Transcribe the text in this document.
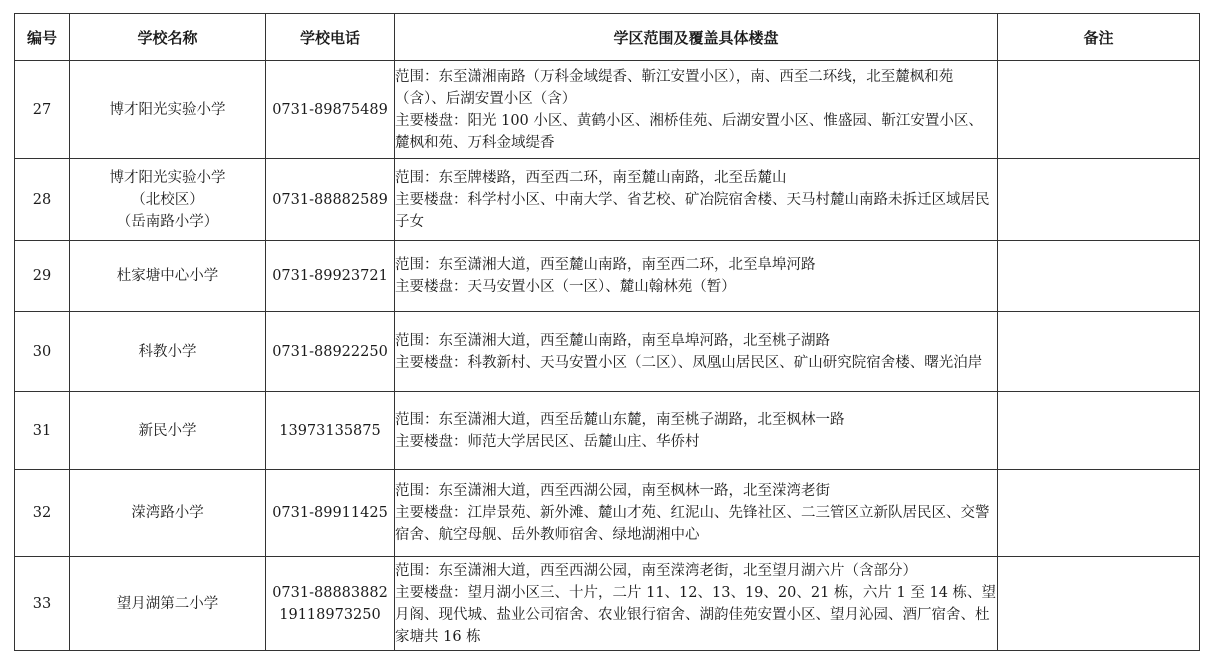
编号	学校名称	学校电话	学区范围及覆盖具体楼盘	备注
27	博才阳光实验小学	0731-89875489	范围：东至潇湘南路（万科金域缇香、靳江安置小区），南、西至二环线，北至麓枫和苑（含）、后湖安置小区（含）
主要楼盘：阳光 100 小区、黄鹤小区、湘桥佳苑、后湖安置小区、惟盛园、靳江安置小区、麓枫和苑、万科金域缇香	

28	博才阳光实验小学
（北校区）
（岳南路小学）	0731-88882589	范围：东至牌楼路，西至西二环，南至麓山南路，北至岳麓山
主要楼盘：科学村小区、中南大学、省艺校、矿冶院宿舍楼、天马村麓山南路未拆迁区域居民子女	

29	杜家塘中心小学	0731-89923721	范围：东至潇湘大道，西至麓山南路，南至西二环，北至阜埠河路
主要楼盘：天马安置小区（一区）、麓山翰林苑（暂）	

30	科教小学	0731-88922250	范围：东至潇湘大道，西至麓山南路，南至阜埠河路，北至桃子湖路
主要楼盘：科教新村、天马安置小区（二区）、凤凰山居民区、矿山研究院宿舍楼、曙光泊岸	

31	新民小学	13973135875	范围：东至潇湘大道，西至岳麓山东麓，南至桃子湖路，北至枫林一路
主要楼盘：师范大学居民区、岳麓山庄、华侨村	

32	溁湾路小学	0731-89911425	范围：东至潇湘大道，西至西湖公园，南至枫林一路，北至溁湾老街
主要楼盘：江岸景苑、新外滩、麓山才苑、红泥山、先锋社区、二三管区立新队居民区、交警宿舍、航空母舰、岳外教师宿舍、绿地湖湘中心	

33	望月湖第二小学	0731-88883882
19118973250	范围：东至潇湘大道，西至西湖公园，南至溁湾老街，北至望月湖六片（含部分）
主要楼盘：望月湖小区三、十片，二片 11、12、13、19、20、21 栋，六片 1 至 14 栋、望月阁、现代城、盐业公司宿舍、农业银行宿舍、湖韵佳苑安置小区、望月沁园、酒厂宿舍、杜家塘共 16 栋	
